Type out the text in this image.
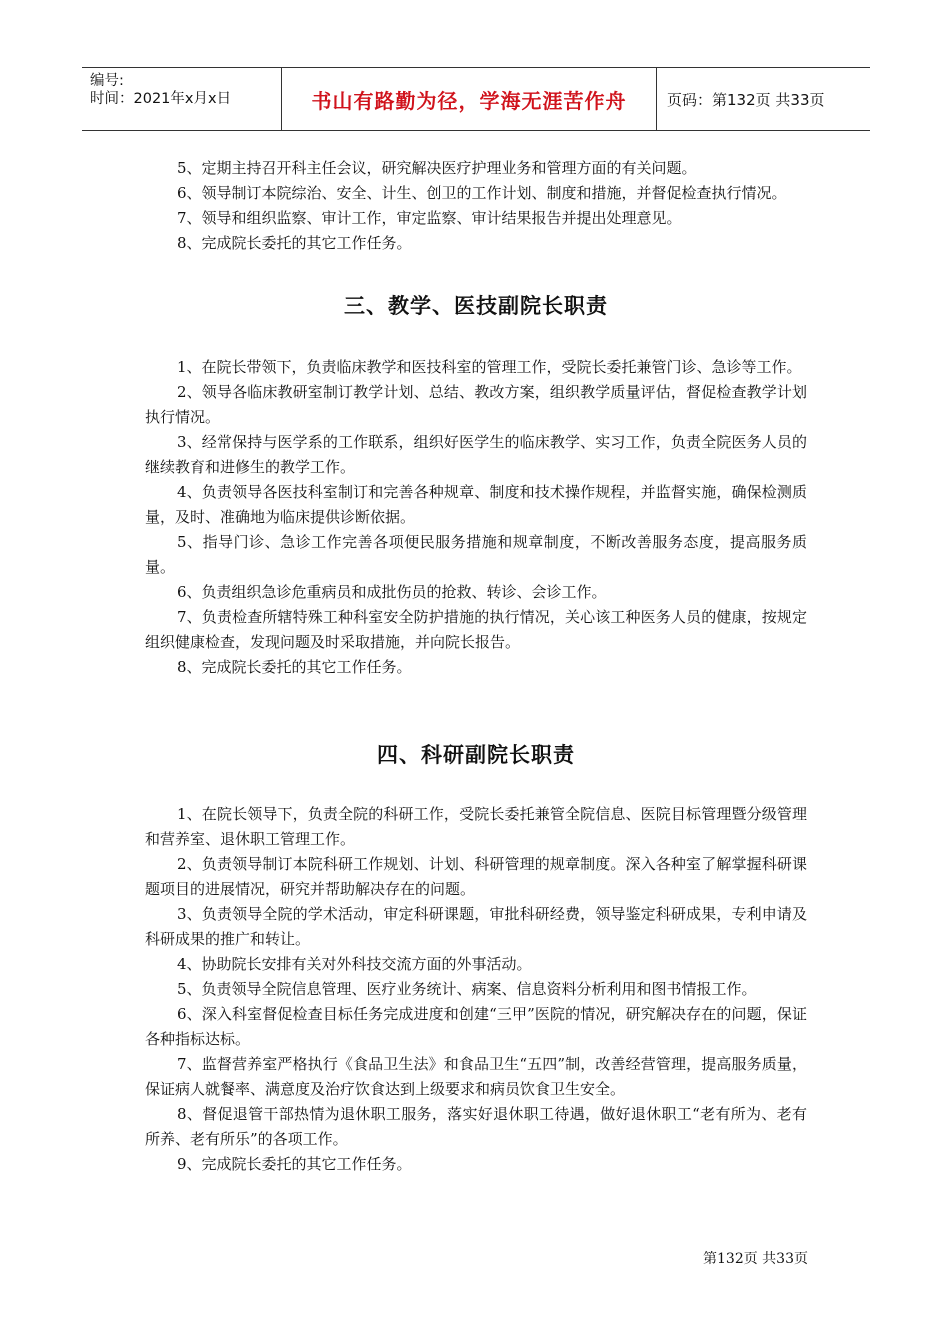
编号:
时间：2021年x月x日	书山有路勤为径，学海无涯苦作舟	页码：第132页 共33页

5、定期主持召开科主任会议，研究解决医疗护理业务和管理方面的有关问题。

6、领导制订本院综治、安全、计生、创卫的工作计划、制度和措施，并督促检查执行情况。

7、领导和组织监察、审计工作，审定监察、审计结果报告并提出处理意见。

8、完成院长委托的其它工作任务。

三、教学、医技副院长职责

1、在院长带领下，负责临床教学和医技科室的管理工作，受院长委托兼管门诊、急诊等工作。

2、领导各临床教研室制订教学计划、总结、教改方案，组织教学质量评估，督促检查教学计划执行情况。

3、经常保持与医学系的工作联系，组织好医学生的临床教学、实习工作，负责全院医务人员的继续教育和进修生的教学工作。

4、负责领导各医技科室制订和完善各种规章、制度和技术操作规程，并监督实施，确保检测质量，及时、准确地为临床提供诊断依据。

5、指导门诊、急诊工作完善各项便民服务措施和规章制度，不断改善服务态度，提高服务质量。

6、负责组织急诊危重病员和成批伤员的抢救、转诊、会诊工作。

7、负责检查所辖特殊工种科室安全防护措施的执行情况，关心该工种医务人员的健康，按规定组织健康检查，发现问题及时采取措施，并向院长报告。

8、完成院长委托的其它工作任务。

四、科研副院长职责

1、在院长领导下，负责全院的科研工作，受院长委托兼管全院信息、医院目标管理暨分级管理和营养室、退休职工管理工作。

2、负责领导制订本院科研工作规划、计划、科研管理的规章制度。深入各种室了解掌握科研课题项目的进展情况，研究并帮助解决存在的问题。

3、负责领导全院的学术活动，审定科研课题，审批科研经费，领导鉴定科研成果，专利申请及科研成果的推广和转让。

4、协助院长安排有关对外科技交流方面的外事活动。

5、负责领导全院信息管理、医疗业务统计、病案、信息资料分析利用和图书情报工作。

6、深入科室督促检查目标任务完成进度和创建“三甲”医院的情况，研究解决存在的问题，保证各种指标达标。

7、监督营养室严格执行《食品卫生法》和食品卫生“五四”制，改善经营管理，提高服务质量，保证病人就餐率、满意度及治疗饮食达到上级要求和病员饮食卫生安全。

8、督促退管干部热情为退休职工服务，落实好退休职工待遇，做好退休职工“老有所为、老有所养、老有所乐”的各项工作。

9、完成院长委托的其它工作任务。

第132页 共33页
